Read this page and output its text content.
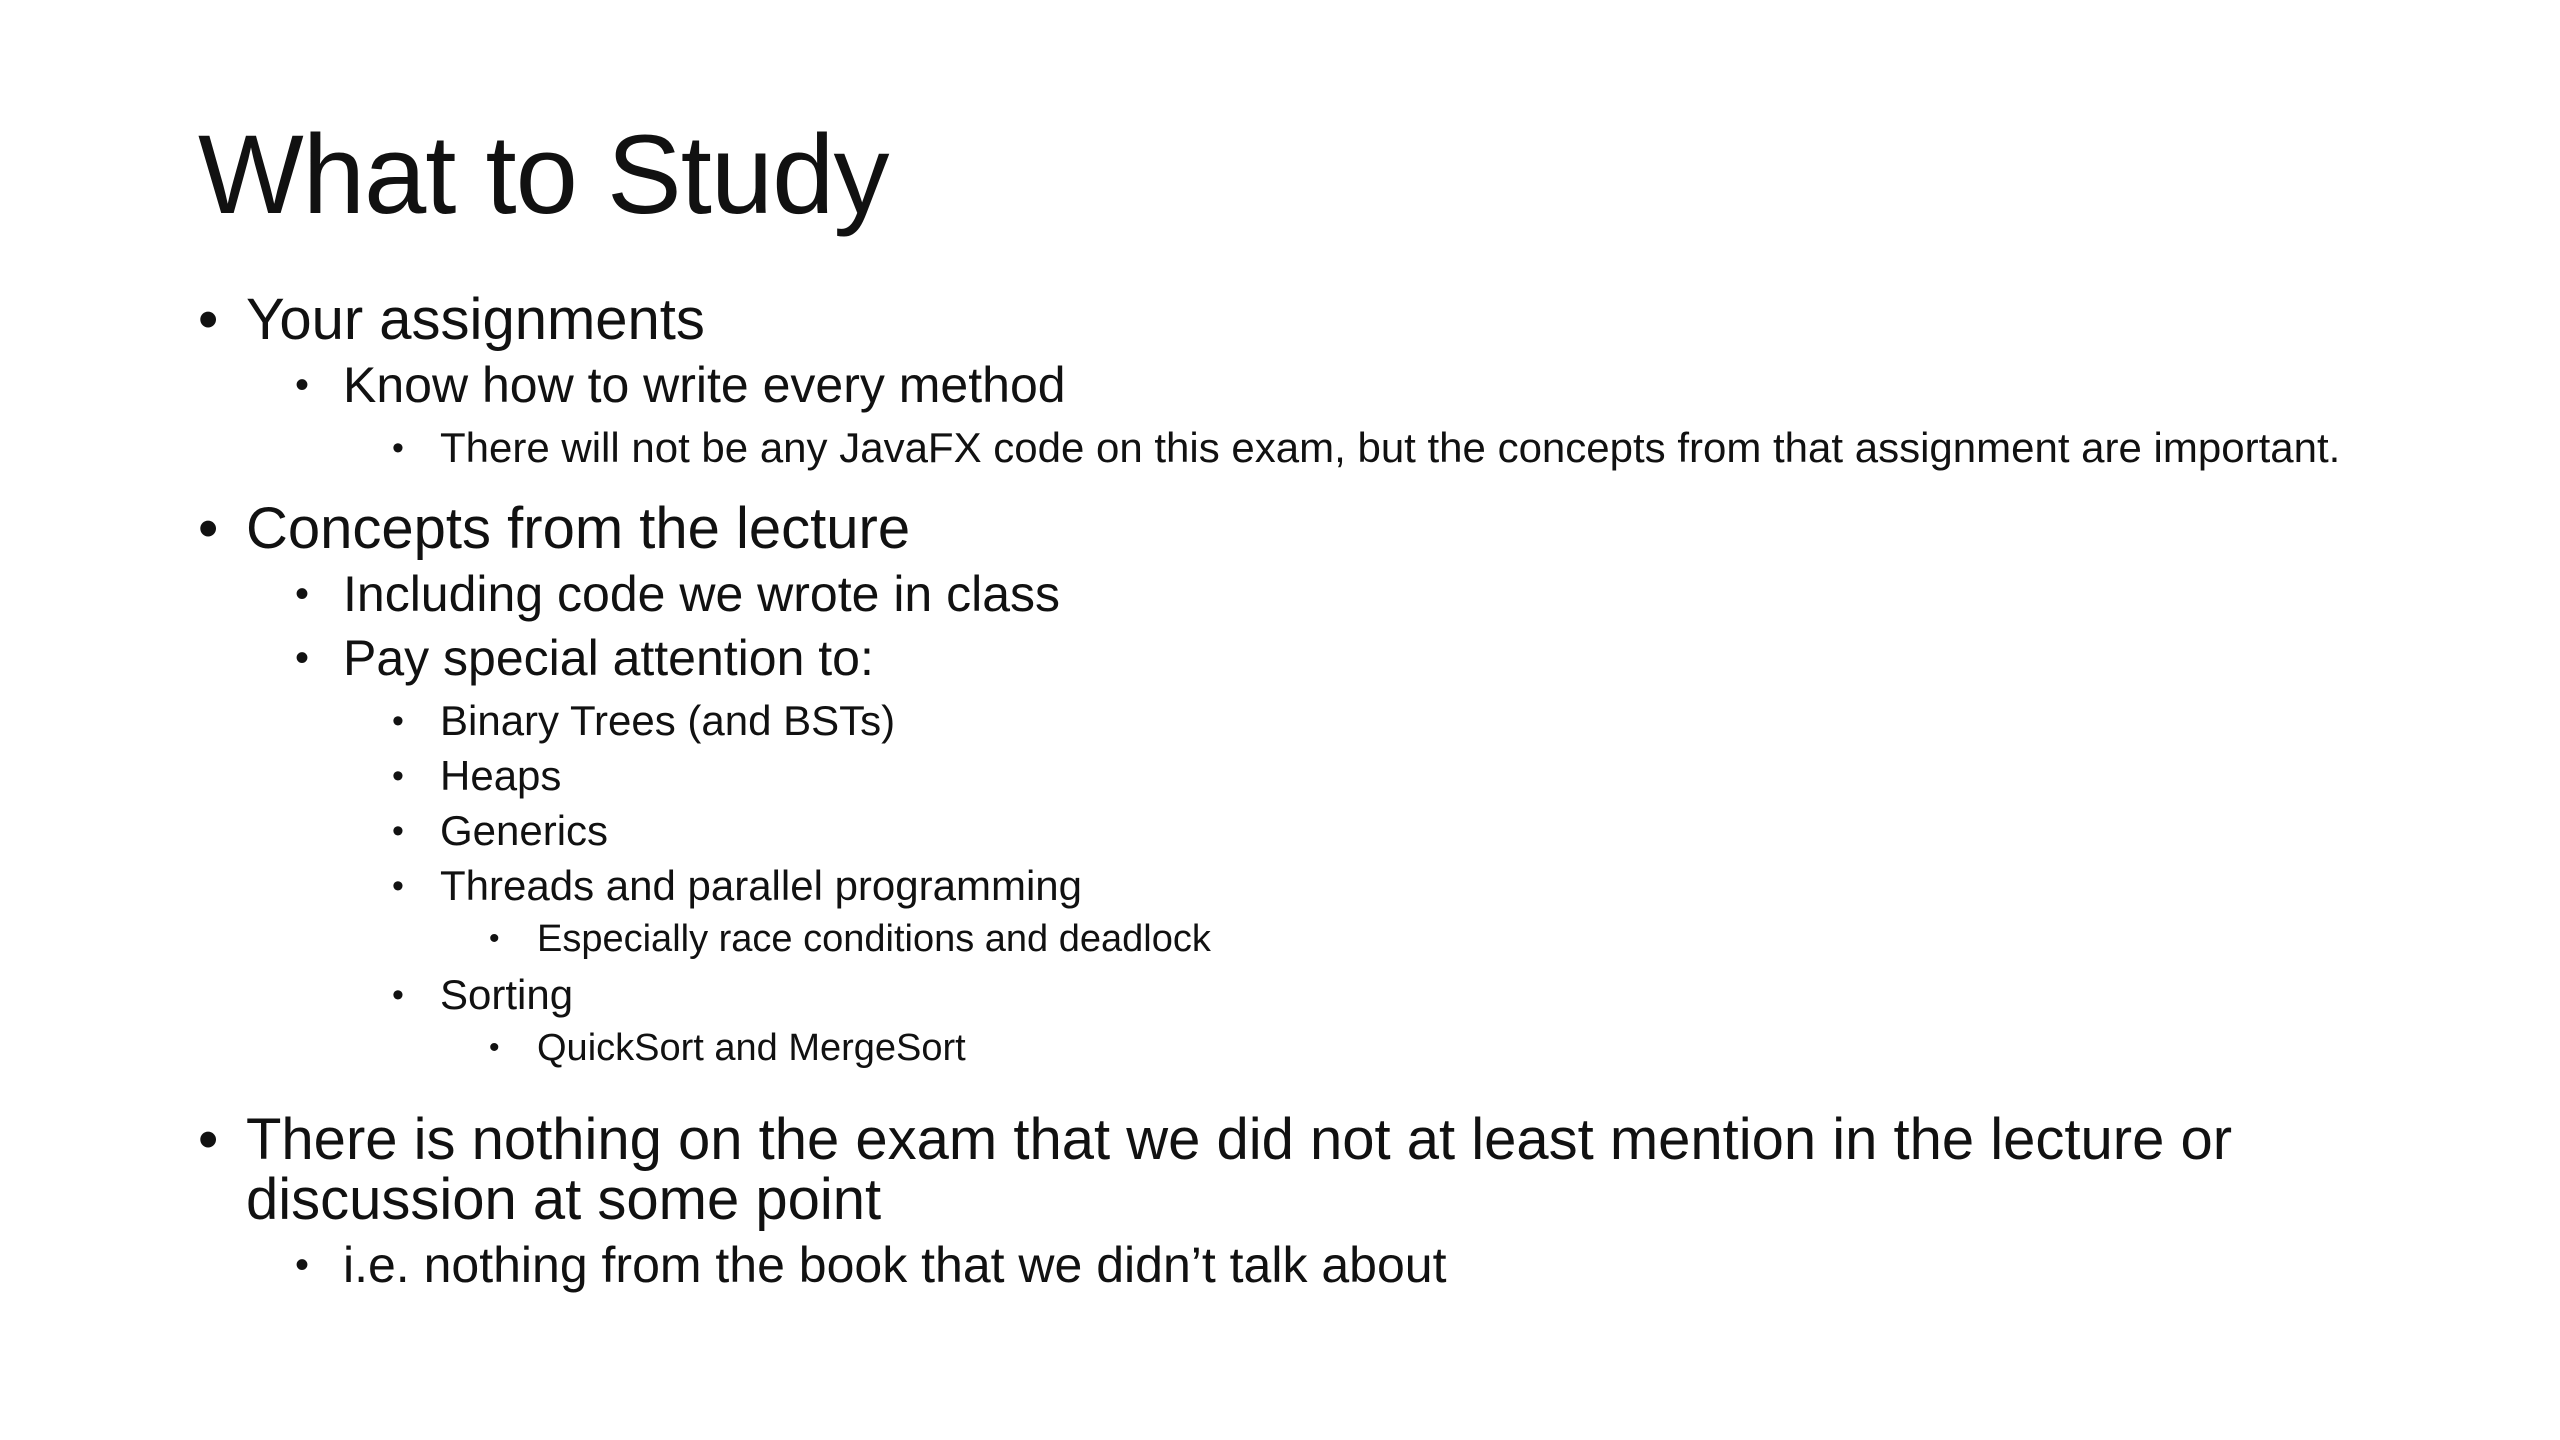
What to Study
• Your assignments
• Know how to write every method
• There will not be any JavaFX code on this exam, but the concepts from that assignment are important.
• Concepts from the lecture
• Including code we wrote in class
• Pay special attention to:
• Binary Trees (and BSTs)
• Heaps
• Generics
• Threads and parallel programming
• Especially race conditions and deadlock
• Sorting
• QuickSort and MergeSort
• There is nothing on the exam that we did not at least mention in the lecture or discussion at some point
• i.e. nothing from the book that we didn’t talk about
